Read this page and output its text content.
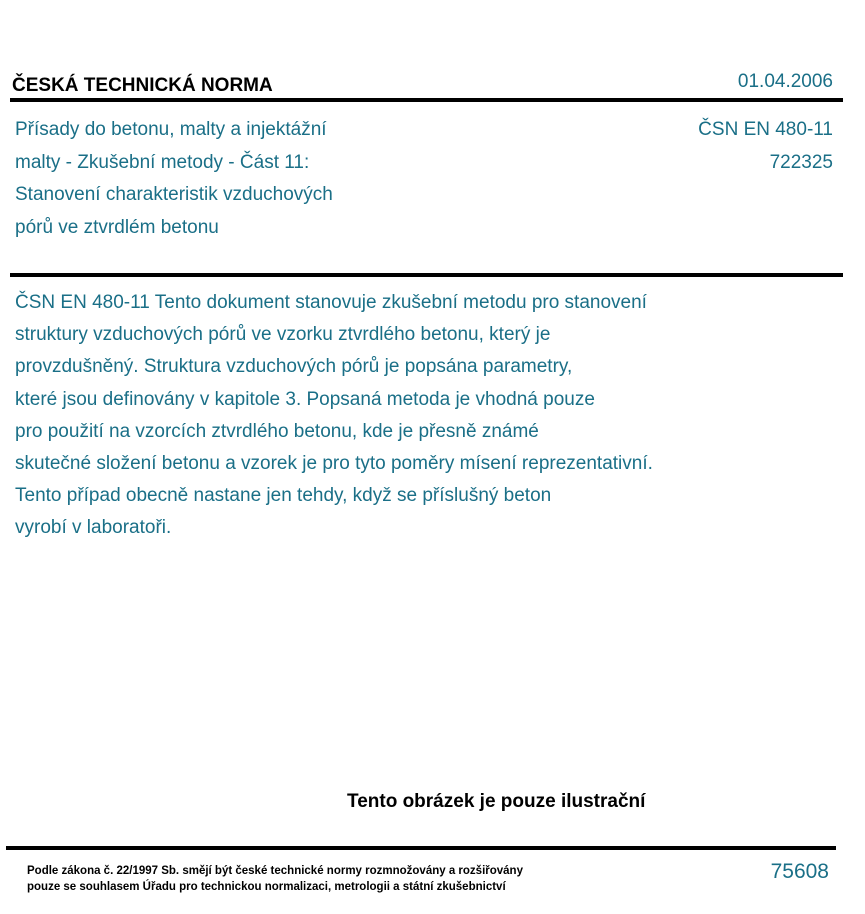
ČESKÁ TECHNICKÁ NORMA	01.04.2006
Přísady do betonu, malty a injektážní
malty - Zkušební metody - Část 11:
Stanovení charakteristik vzduchových
pórů ve ztvrdlém betonu
ČSN EN 480-11
722325
ČSN EN 480-11 Tento dokument stanovuje zkušební metodu pro stanovení
struktury vzduchových pórů ve vzorku ztvrdlého betonu, který je
provzdušněný. Struktura vzduchových pórů je popsána parametry,
které jsou definovány v kapitole 3. Popsaná metoda je vhodná pouze
pro použití na vzorcích ztvrdlého betonu, kde je přesně známé
skutečné složení betonu a vzorek je pro tyto poměry mísení reprezentativní.
Tento případ obecně nastane jen tehdy, když se příslušný beton
vyrobí v laboratoři.
Tento obrázek je pouze ilustrační
Podle zákona č. 22/1997 Sb. smějí být české technické normy rozmnožovány a rozšiřovány
pouze se souhlasem Úřadu pro technickou normalizaci, metrologii a státní zkušebnictví
75608
